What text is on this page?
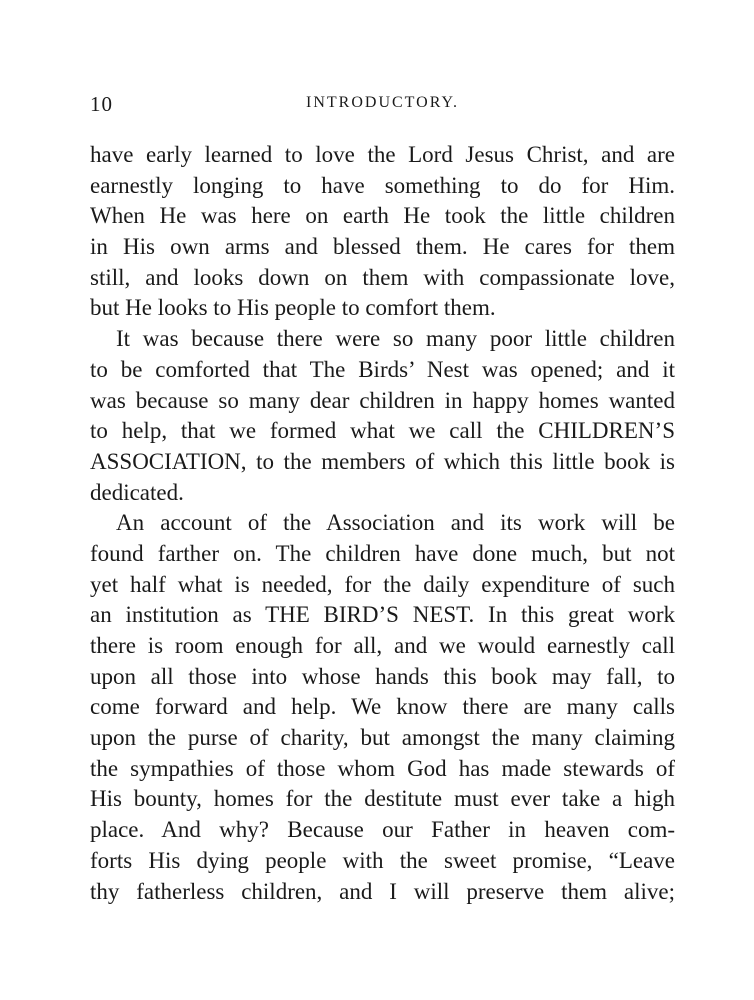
10	INTRODUCTORY.
have early learned to love the Lord Jesus Christ, and are
earnestly longing to have something to do for Him.
When He was here on earth He took the little children
in His own arms and blessed them. He cares for them
still, and looks down on them with compassionate love,
but He looks to His people to comfort them.
It was because there were so many poor little children
to be comforted that The Birds’ Nest was opened; and it
was because so many dear children in happy homes wanted
to help, that we formed what we call the CHILDREN’S
ASSOCIATION, to the members of which this little book is
dedicated.
An account of the Association and its work will be
found farther on. The children have done much, but not
yet half what is needed, for the daily expenditure of such
an institution as THE BIRD’S NEST. In this great work
there is room enough for all, and we would earnestly call
upon all those into whose hands this book may fall, to
come forward and help. We know there are many calls
upon the purse of charity, but amongst the many claiming
the sympathies of those whom God has made stewards of
His bounty, homes for the destitute must ever take a high
place. And why? Because our Father in heaven com-
forts His dying people with the sweet promise, “Leave
thy fatherless children, and I will preserve them alive;
